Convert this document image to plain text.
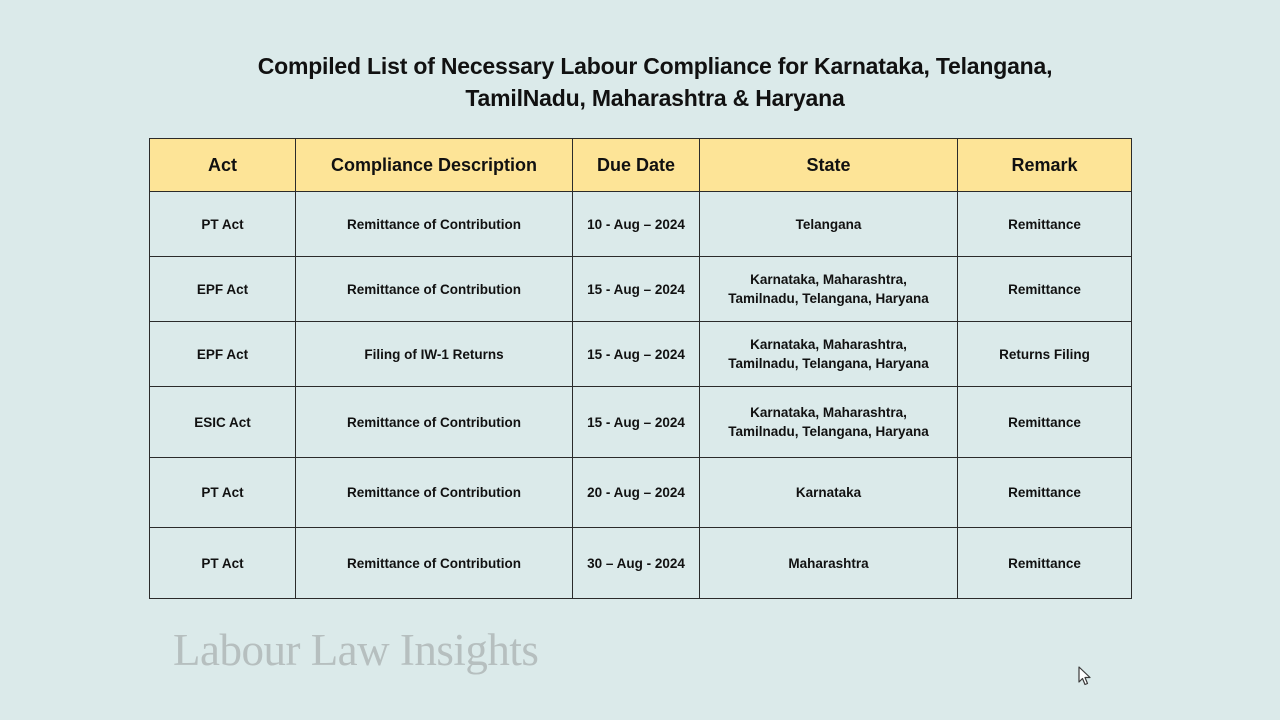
Compiled List of Necessary Labour Compliance for Karnataka, Telangana,
TamilNadu, Maharashtra & Haryana
Act	Compliance Description	Due Date	State	Remark
PT Act	Remittance of Contribution	10 - Aug – 2024	Telangana	Remittance
EPF Act	Remittance of Contribution	15 - Aug – 2024	Karnataka, Maharashtra,
Tamilnadu, Telangana, Haryana	Remittance
EPF Act	Filing of IW-1 Returns	15 - Aug – 2024	Karnataka, Maharashtra,
Tamilnadu, Telangana, Haryana	Returns Filing
ESIC Act	Remittance of Contribution	15 - Aug – 2024	Karnataka, Maharashtra,
Tamilnadu, Telangana, Haryana	Remittance
PT Act	Remittance of Contribution	20 - Aug – 2024	Karnataka	Remittance
PT Act	Remittance of Contribution	30 – Aug - 2024	Maharashtra	Remittance
Labour Law Insights
